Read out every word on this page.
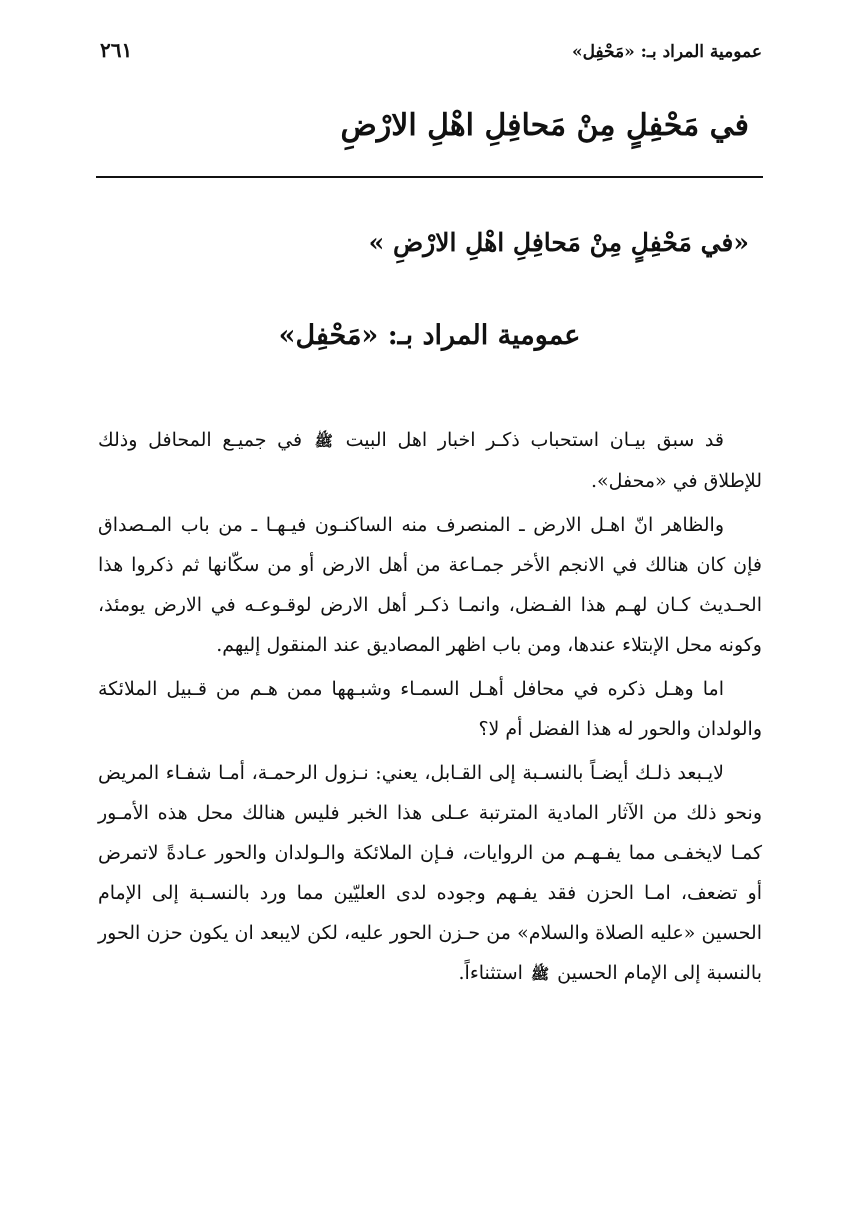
عمومية المراد بـ: «مَحْفِل»
٢٦١
في مَحْفِلٍ مِنْ مَحافِلِ اهْلِ الارْضِ
«في مَحْفِلٍ مِنْ مَحافِلِ اهْلِ الارْضِ »
عمومية المراد بـ: «مَحْفِل»

قد سبق بيـان استحباب ذكـر اخبار اهل البيت ﷺ في جميـع المحافل وذلك للإطلاق في «محفل».

والظاهر انّ اهـل الارض ـ المنصرف منه الساكنـون فيـهـا ـ من باب المـصداق فإن كان هنالك في الانجم الأخر جمـاعة من أهل الارض أو من سكّانها ثم ذكروا هذا الحـديث كـان لهـم هذا الفـضل، وانمـا ذكـر أهل الارض لوقـوعـه في الارض يومئذ، وكونه محل الإبتلاء عندها، ومن باب اظهر المصاديق عند المنقول إليهم.

اما وهـل ذكره في محافل أهـل السمـاء وشبـهها ممن هـم من قـبيل الملائكة والولدان والحور له هذا الفضل أم لا؟

لايـبعد ذلـك أيضـاً بالنسـبة إلى القـابل، يعني: نـزول الرحمـة، أمـا شفـاء المريض ونحو ذلك من الآثار المادية المترتبة عـلى هذا الخبر فليس هنالك محل هذه الأمـور كمـا لايخفـى مما يفـهـم من الروايات، فـإن الملائكة والـولدان والحور عـادةً لاتمرض أو تضعف، امـا الحزن فقد يفـهم وجوده لدى العليّين مما ورد بالنسـبة إلى الإمام الحسين «عليه الصلاة والسلام» من حـزن الحور عليه، لكن لايبعد ان يكون حزن الحور بالنسبة إلى الإمام الحسين ﷺ استثناءاً.
